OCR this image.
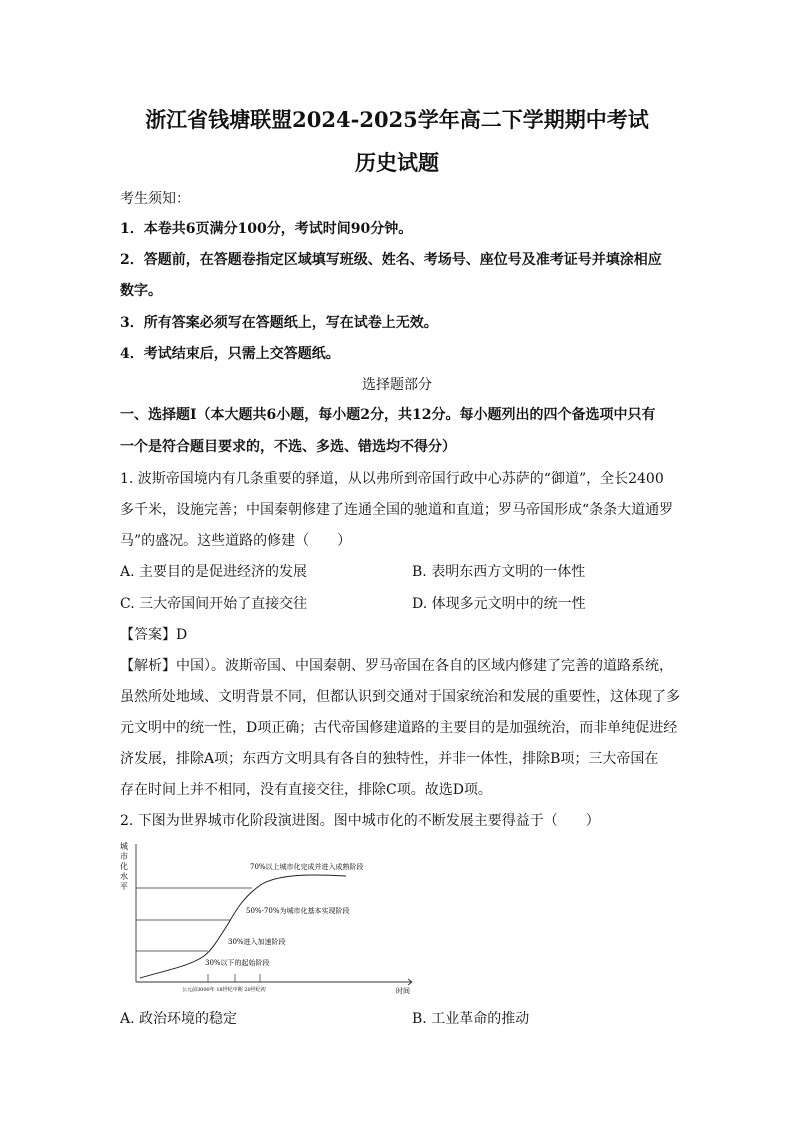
浙江省钱塘联盟2024-2025学年高二下学期期中考试
历史试题
考生须知：
1．本卷共6页满分100分，考试时间90分钟。
2．答题前，在答题卷指定区域填写班级、姓名、考场号、座位号及准考证号并填涂相应
数字。
3．所有答案必须写在答题纸上，写在试卷上无效。
4．考试结束后，只需上交答题纸。
选择题部分
一、选择题Ⅰ（本大题共6小题，每小题2分，共12分。每小题列出的四个备选项中只有
一个是符合题目要求的，不选、多选、错选均不得分）
1. 波斯帝国境内有几条重要的驿道，从以弗所到帝国行政中心苏萨的“御道”，全长2400
多千米，设施完善；中国秦朝修建了连通全国的驰道和直道；罗马帝国形成“条条大道通罗
马”的盛况。这些道路的修建（　　）
A. 主要目的是促进经济的发展	B. 表明东西方文明的一体性
C. 三大帝国间开始了直接交往	D. 体现多元文明中的统一性
【答案】D
【解析】中国）。波斯帝国、中国秦朝、罗马帝国在各自的区域内修建了完善的道路系统，
虽然所处地域、文明背景不同，但都认识到交通对于国家统治和发展的重要性，这体现了多
元文明中的统一性，D项正确；古代帝国修建道路的主要目的是加强统治，而非单纯促进经
济发展，排除A项；东西方文明具有各自的独特性，并非一体性，排除B项；三大帝国在
存在时间上并不相同，没有直接交往，排除C项。故选D项。
2. 下图为世界城市化阶段演进图。图中城市化的不断发展主要得益于（　　）
城
市
化
水
平
70%以上城市化完成并进入成熟阶段
50%-70%为城市化基本实现阶段
30%进入加速阶段
30%以下的起始阶段
公元前3000年 18世纪中期 20世纪初	时间
A. 政治环境的稳定	B. 工业革命的推动
